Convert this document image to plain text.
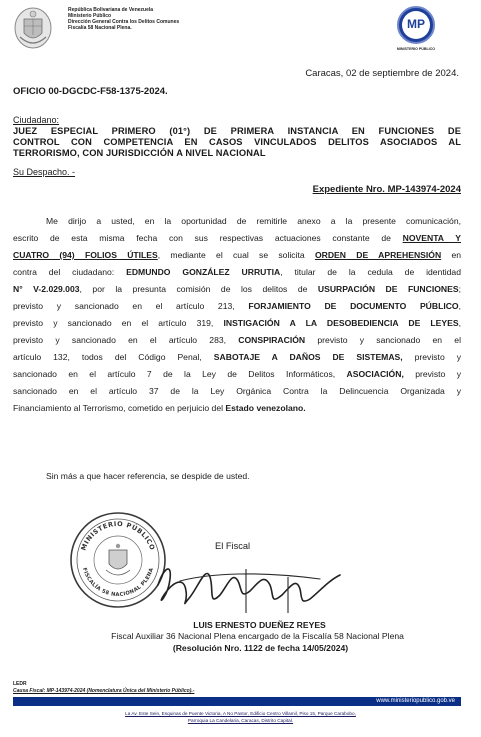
República Bolivariana de Venezuela
Ministerio Público
Dirección General Contra los Delitos Comunes
Fiscalía 58 Nacional Plena.	MP
MINISTERIO PÚBLICO
Caracas, 02 de septiembre de 2024.
OFICIO 00-DGCDC-F58-1375-2024.
Ciudadano:
JUEZ ESPECIAL PRIMERO (01°) DE PRIMERA INSTANCIA EN FUNCIONES DE
CONTROL CON COMPETENCIA EN CASOS VINCULADOS DELITOS ASOCIADOS AL
TERRORISMO, CON JURISDICCIÓN A NIVEL NACIONAL
Su Despacho. -
Expediente Nro. MP-143974-2024
Me dirijo a usted, en la oportunidad de remitirle anexo a la presente comunicación,
escrito de esta misma fecha con sus respectivas actuaciones constante de NOVENTA Y
CUATRO (94) FOLIOS ÚTILES, mediante el cual se solicita ORDEN DE APREHENSIÓN en
contra del ciudadano: EDMUNDO GONZÁLEZ URRUTIA, titular de la cedula de identidad
N° V-2.029.003, por la presunta comisión de los delitos de USURPACIÓN DE FUNCIONES;
previsto y sancionado en el artículo 213, FORJAMIENTO DE DOCUMENTO PÚBLICO,
previsto y sancionado en el artículo 319, INSTIGACIÓN A LA DESOBEDIENCIA DE LEYES,
previsto y sancionado en el artículo 283, CONSPIRACIÓN previsto y sancionado en el
artículo 132, todos del Código Penal, SABOTAJE A DAÑOS DE SISTEMAS, previsto y
sancionado en el artículo 7 de la Ley de Delitos Informáticos, ASOCIACIÓN, previsto y
sancionado en el artículo 37 de la Ley Orgánica Contra la Delincuencia Organizada y
Financiamiento al Terrorismo, cometido en perjuicio del Estado venezolano.
Sin más a que hacer referencia, se despide de usted.
MINISTERIO PÚBLICO
FISCALÍA 58 NACIONAL PLENA
El Fiscal
LUIS ERNESTO DUEÑEZ REYES
Fiscal Auxiliar 36 Nacional Plena encargado de la Fiscalía 58 Nacional Plena
(Resolución Nro. 1122 de fecha 14/05/2024)
LEDR
Causa Fiscal: MP-143974-2024 (Nomenclatura Única del Ministerio Público).-
www.ministeriopublico.gob.ve
La Av. Este Sein, Esquinas de Puente Victoria, A No Pastor, Edificio Centro Villamil, Piso 15, Parque Carabobo,
Parroquia La Candelaria, Caracas, Distrito Capital.
